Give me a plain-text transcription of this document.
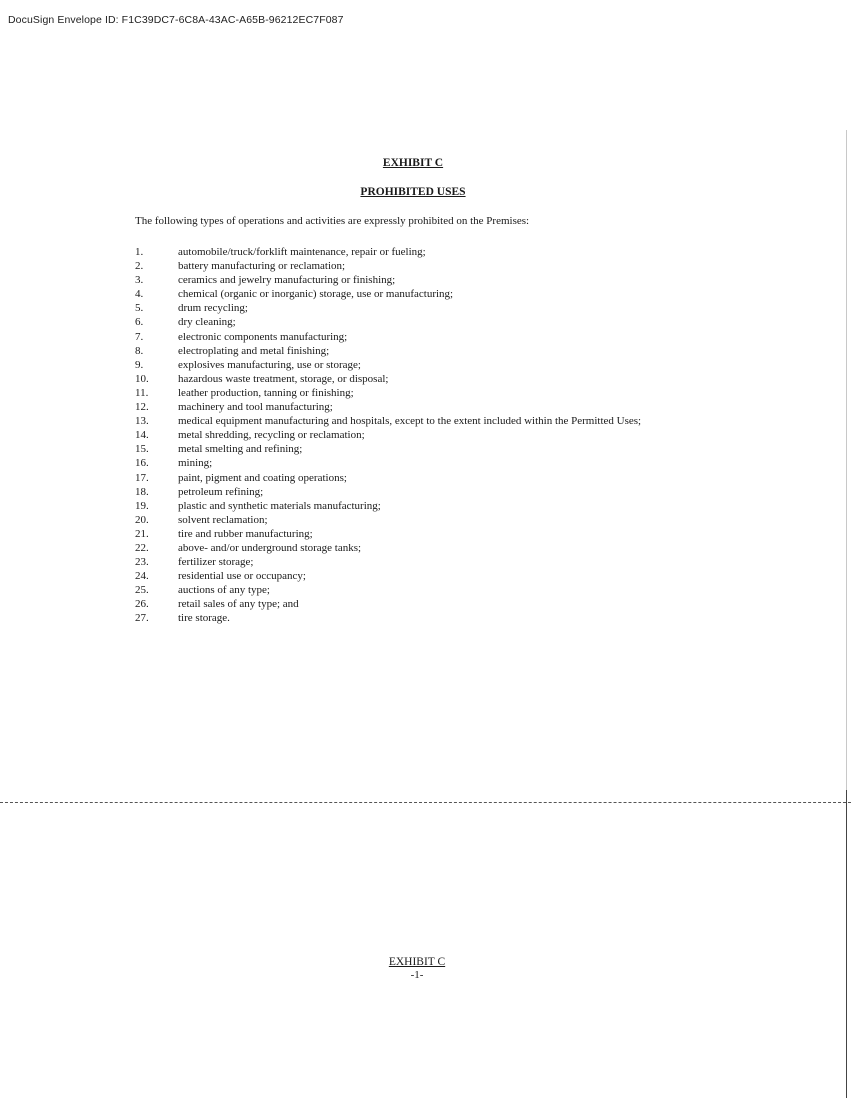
DocuSign Envelope ID: F1C39DC7-6C8A-43AC-A65B-96212EC7F087
EXHIBIT C
PROHIBITED USES
The following types of operations and activities are expressly prohibited on the Premises:
1.	automobile/truck/forklift maintenance, repair or fueling;
2.	battery manufacturing or reclamation;
3.	ceramics and jewelry manufacturing or finishing;
4.	chemical (organic or inorganic) storage, use or manufacturing;
5.	drum recycling;
6.	dry cleaning;
7.	electronic components manufacturing;
8.	electroplating and metal finishing;
9.	explosives manufacturing, use or storage;
10.	hazardous waste treatment, storage, or disposal;
11.	leather production, tanning or finishing;
12.	machinery and tool manufacturing;
13.	medical equipment manufacturing and hospitals, except to the extent included within the Permitted Uses;
14.	metal shredding, recycling or reclamation;
15.	metal smelting and refining;
16.	mining;
17.	paint, pigment and coating operations;
18.	petroleum refining;
19.	plastic and synthetic materials manufacturing;
20.	solvent reclamation;
21.	tire and rubber manufacturing;
22.	above- and/or underground storage tanks;
23.	fertilizer storage;
24.	residential use or occupancy;
25.	auctions of any type;
26.	retail sales of any type; and
27.	tire storage.
EXHIBIT C
-1-
